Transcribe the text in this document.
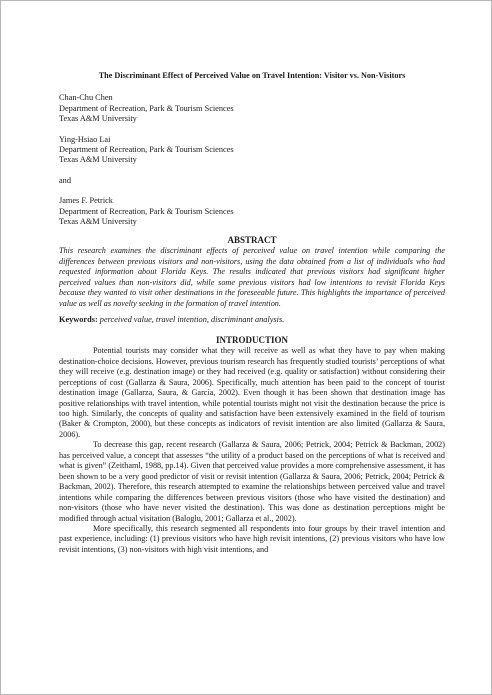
The Discriminant Effect of Perceived Value on Travel Intention: Visitor vs. Non-Visitors
Chan-Chu Chen
Department of Recreation, Park & Tourism Sciences
Texas A&M University
Ying-Hsiao Lai
Department of Recreation, Park & Tourism Sciences
Texas A&M University
and
James F. Petrick
Department of Recreation, Park & Tourism Sciences
Texas A&M University
ABSTRACT
This research examines the discriminant effects of perceived value on travel intention while comparing the differences between previous visitors and non-visitors, using the data obtained from a list of individuals who had requested information about Florida Keys. The results indicated that previous visitors had significant higher perceived values than non-visitors did, while some previous visitors had low intentions to revisit Florida Keys because they wanted to visit other destinations in the foreseeable future. This highlights the importance of perceived value as well as novelty seeking in the formation of travel intention.
Keywords: perceived value, travel intention, discriminant analysis.
INTRODUCTION

Potential tourists may consider what they will receive as well as what they have to pay when making destination-choice decisions. However, previous tourism research has frequently studied tourists’ perceptions of what they will receive (e.g. destination image) or they had received (e.g. quality or satisfaction) without considering their perceptions of cost (Gallarza & Saura, 2006). Specifically, much attention has been paid to the concept of tourist destination image (Gallarza, Saura, & García, 2002). Even though it has been shown that destination image has positive relationships with travel intention, while potential tourists might not visit the destination because the price is too high. Similarly, the concepts of quality and satisfaction have been extensively examined in the field of tourism (Baker & Crompton, 2000), but these concepts as indicators of revisit intention are also limited (Gallarza & Saura, 2006).

To decrease this gap, recent research (Gallarza & Saura, 2006; Petrick, 2004; Petrick & Backman, 2002) has perceived value, a concept that assesses “the utility of a product based on the perceptions of what is received and what is given” (Zeithaml, 1988, pp.14). Given that perceived value provides a more comprehensive assessment, it has been shown to be a very good predictor of visit or revisit intention (Gallarza & Saura, 2006; Petrick, 2004; Petrick & Backman, 2002). Therefore, this research attempted to examine the relationships between perceived value and travel intentions while comparing the differences between previous visitors (those who have visited the destination) and non-visitors (those who have never visited the destination). This was done as destination perceptions might be modified through actual visitation (Baloglu, 2001; Gallarza et al., 2002).

More specifically, this research segmented all respondents into four groups by their travel intention and past experience, including: (1) previous visitors who have high revisit intentions, (2) previous visitors who have low revisit intentions, (3) non-visitors with high visit intentions, and
